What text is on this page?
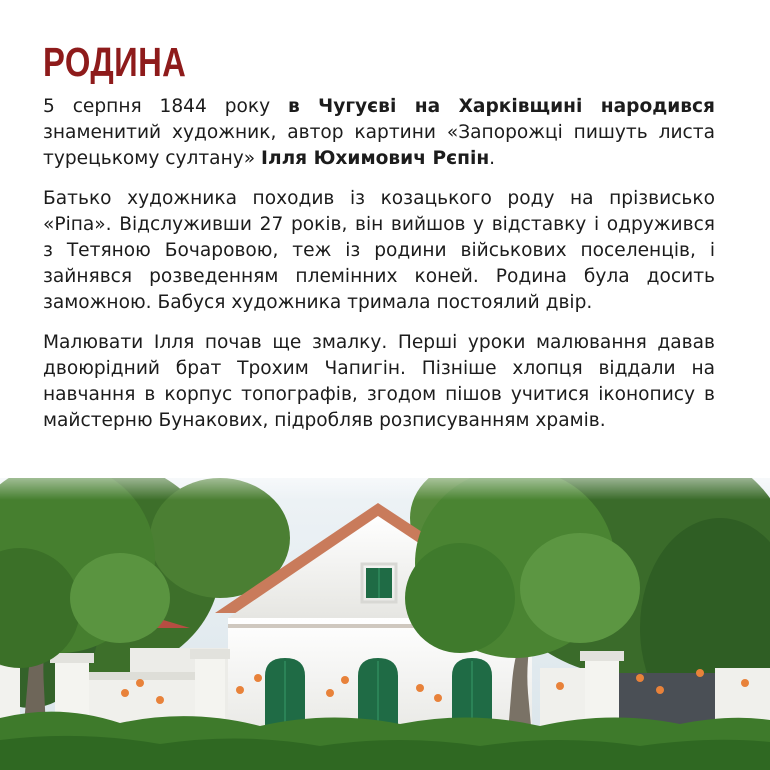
РОДИНА

5 серпня 1844 року в Чугуєві на Харківщині народився знаменитий художник, автор картини «Запорожці пишуть листа турецькому султану» Ілля Юхимович Рєпін.

Батько художника походив із козацького роду на прізвисько «Ріпа». Відслуживши 27 років, він вийшов у відставку і одружився з Тетяною Бочаровою, теж із родини військових поселенців, і зайнявся розведенням племінних коней. Родина була досить заможною. Бабуся художника тримала постоялий двір.

Малювати Ілля почав ще змалку. Перші уроки малювання давав двоюрідний брат Трохим Чапигін. Пізніше хлопця віддали на навчання в корпус топографів, згодом пішов учитися іконопису в майстерню Бунакових, підробляв розписуванням храмів.
